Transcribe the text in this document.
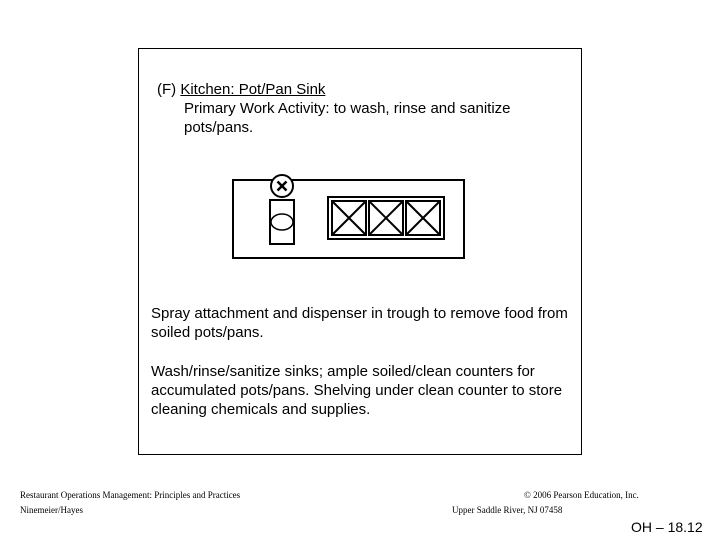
(F) Kitchen: Pot/Pan Sink
Primary Work Activity: to wash, rinse and sanitize pots/pans.
Spray attachment and dispenser in trough to remove food from soiled pots/pans.
Wash/rinse/sanitize sinks; ample soiled/clean counters for accumulated pots/pans. Shelving under clean counter to store cleaning chemicals and supplies.
Restaurant Operations Management: Principles and Practices
Ninemeier/Hayes
© 2006 Pearson Education, Inc.
Upper Saddle River, NJ 07458
OH – 18.12
